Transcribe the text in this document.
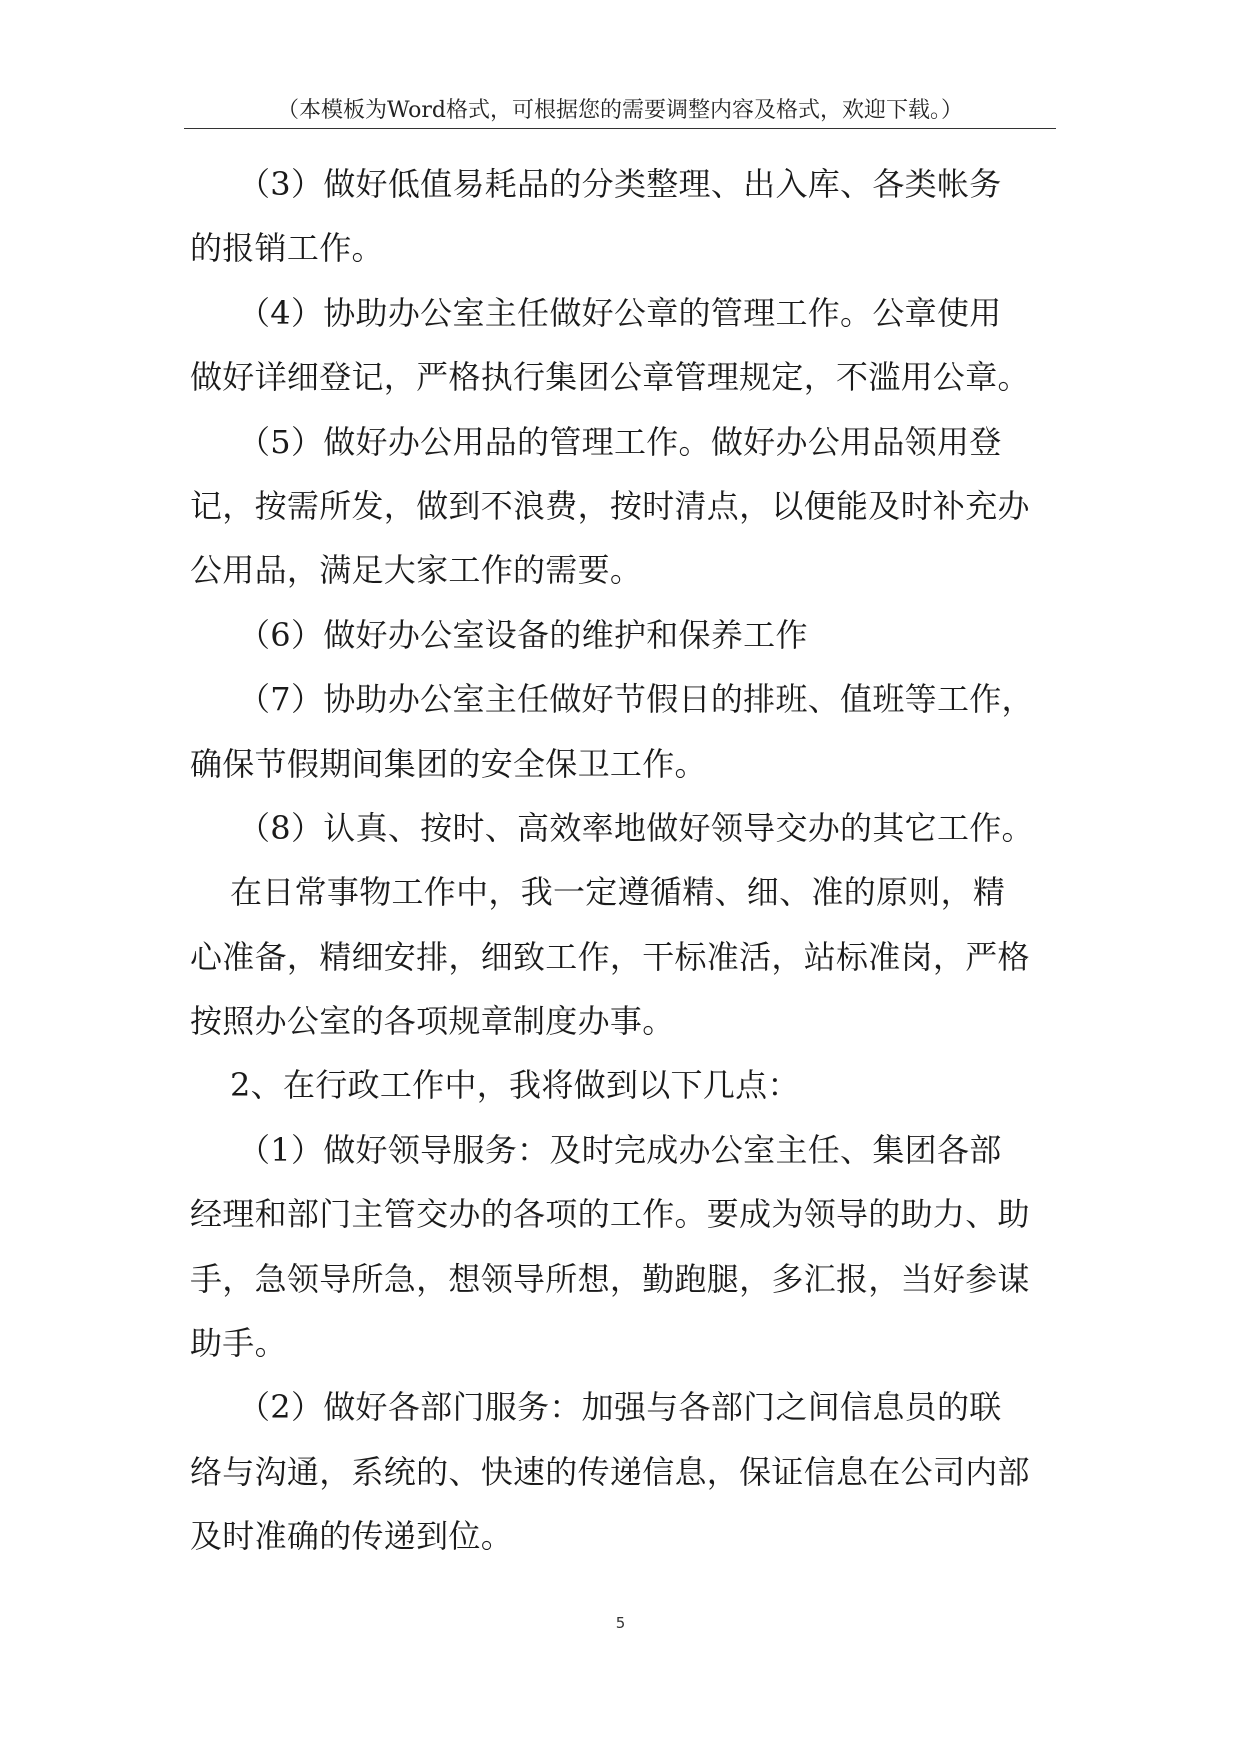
（本模板为Word格式，可根据您的需要调整内容及格式，欢迎下载。）
（3）做好低值易耗品的分类整理、出入库、各类帐务
的报销工作。
（4）协助办公室主任做好公章的管理工作。公章使用
做好详细登记，严格执行集团公章管理规定，不滥用公章。
（5）做好办公用品的管理工作。做好办公用品领用登
记，按需所发，做到不浪费，按时清点，以便能及时补充办
公用品，满足大家工作的需要。
（6）做好办公室设备的维护和保养工作
（7）协助办公室主任做好节假日的排班、值班等工作，
确保节假期间集团的安全保卫工作。
（8）认真、按时、高效率地做好领导交办的其它工作。
在日常事物工作中，我一定遵循精、细、准的原则，精
心准备，精细安排，细致工作，干标准活，站标准岗，严格
按照办公室的各项规章制度办事。
2、在行政工作中，我将做到以下几点：
（1）做好领导服务：及时完成办公室主任、集团各部
经理和部门主管交办的各项的工作。要成为领导的助力、助
手，急领导所急，想领导所想，勤跑腿，多汇报，当好参谋
助手。
（2）做好各部门服务：加强与各部门之间信息员的联
络与沟通，系统的、快速的传递信息，保证信息在公司内部
及时准确的传递到位。
5
